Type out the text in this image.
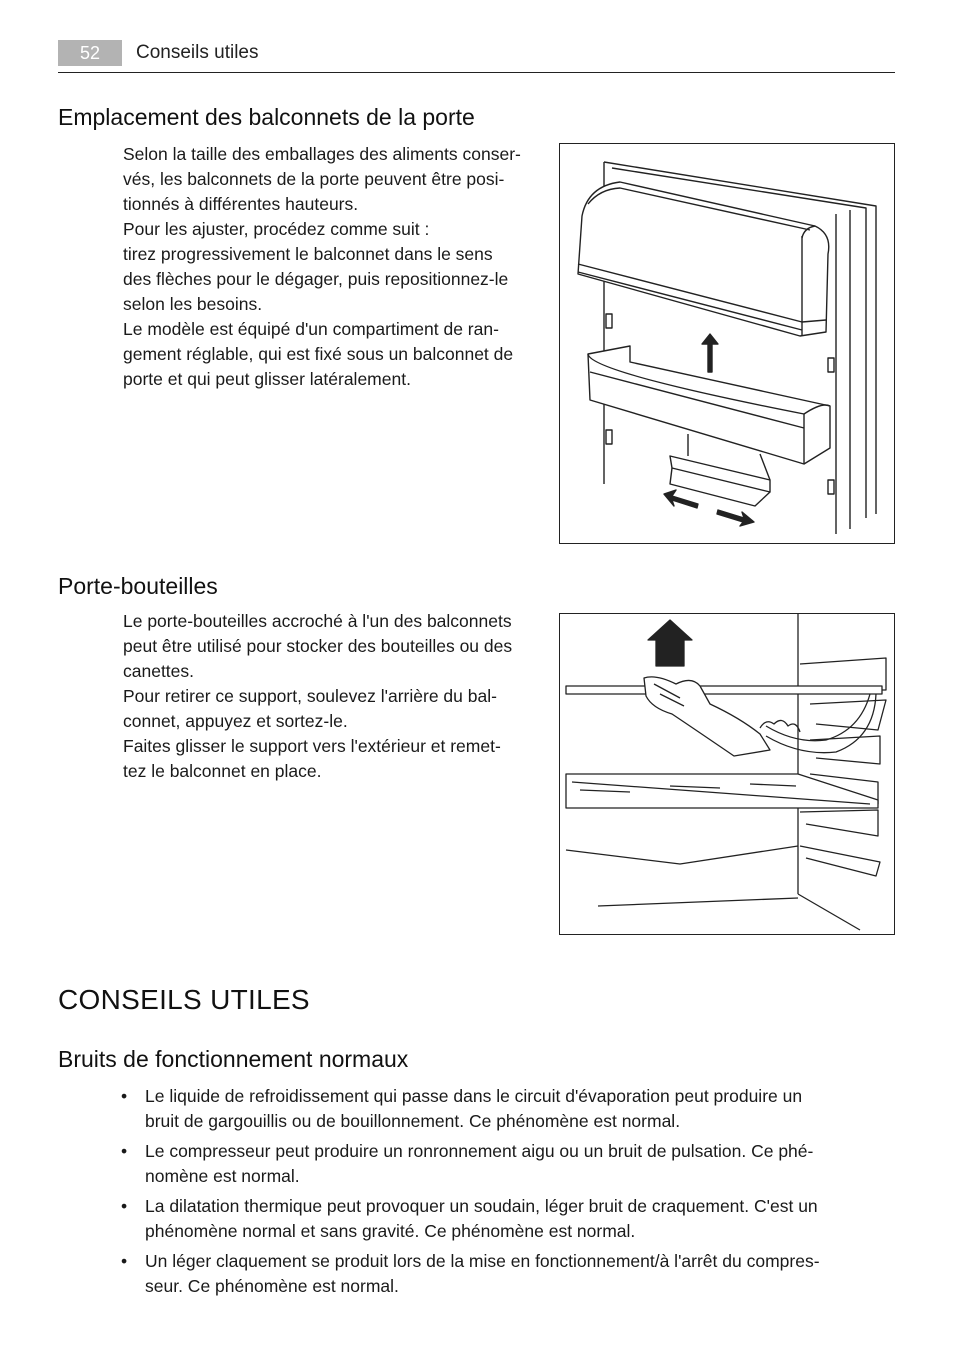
52	Conseils utiles
Emplacement des balconnets de la porte

Selon la taille des emballages des aliments conser-

vés, les balconnets de la porte peuvent être posi-

tionnés à différentes hauteurs.

Pour les ajuster, procédez comme suit :

tirez progressivement le balconnet dans le sens

des flèches pour le dégager, puis repositionnez-le

selon les besoins.

Le modèle est équipé d'un compartiment de ran-

gement réglable, qui est fixé sous un balconnet de

porte et qui peut glisser latéralement.

Porte-bouteilles

Le porte-bouteilles accroché à l'un des balconnets

peut être utilisé pour stocker des bouteilles ou des

canettes.

Pour retirer ce support, soulevez l'arrière du bal-

connet, appuyez et sortez-le.

Faites glisser le support vers l'extérieur et remet-

tez le balconnet en place.

CONSEILS UTILES
Bruits de fonctionnement normaux
• Le liquide de refroidissement qui passe dans le circuit d'évaporation peut produire un
bruit de gargouillis ou de bouillonnement. Ce phénomène est normal.
• Le compresseur peut produire un ronronnement aigu ou un bruit de pulsation. Ce phé-
nomène est normal.
• La dilatation thermique peut provoquer un soudain, léger bruit de craquement. C'est un
phénomène normal et sans gravité. Ce phénomène est normal.
• Un léger claquement se produit lors de la mise en fonctionnement/à l'arrêt du compres-
seur. Ce phénomène est normal.
